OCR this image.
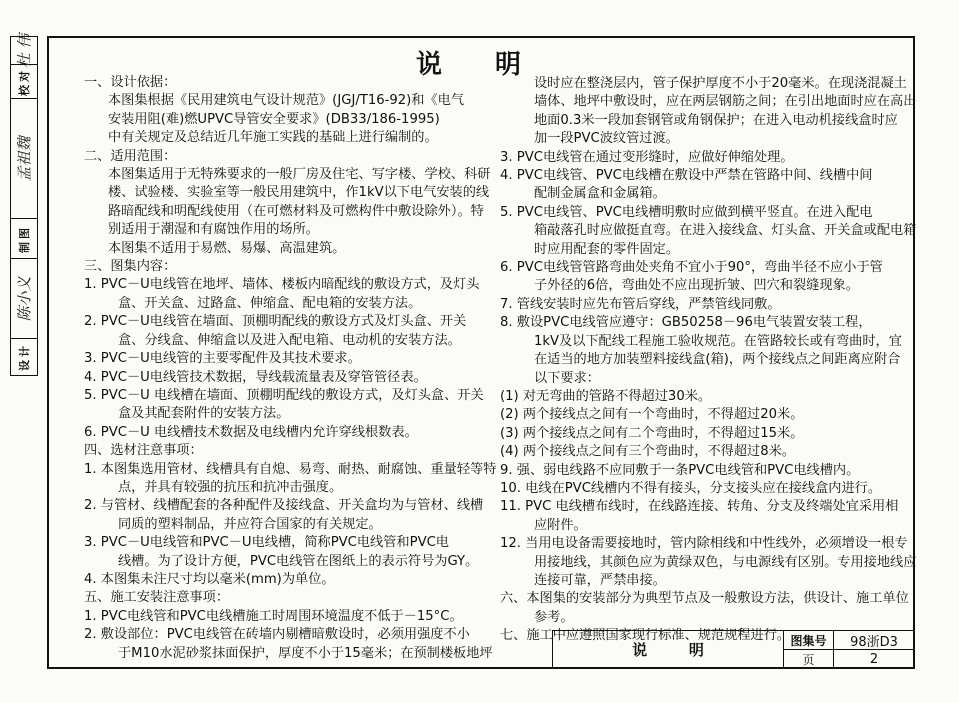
杜 伟
校对
孟祖魏
制图
陈小义
设计
说 明

一、设计依据：

本图集根据《民用建筑电气设计规范》(JGJ/T16-92)和《电气

安装用阻(难)燃UPVC导管安全要求》(DB33/186-1995)

中有关规定及总结近几年施工实践的基础上进行编制的。

二、适用范围：

本图集适用于无特殊要求的一般厂房及住宅、写字楼、学校、科研

楼、试验楼、实验室等一般民用建筑中，作1kV以下电气安装的线

路暗配线和明配线使用（在可燃材料及可燃构件中敷设除外）。特

别适用于潮湿和有腐蚀作用的场所。

本图集不适用于易燃、易爆、高温建筑。

三、图集内容：

1. PVC－U电线管在地坪、墙体、楼板内暗配线的敷设方式，及灯头

盒、开关盒、过路盒、伸缩盒、配电箱的安装方法。

2. PVC－U电线管在墙面、顶棚明配线的敷设方式及灯头盒、开关

盒、分线盒、伸缩盒以及进入配电箱、电动机的安装方法。

3. PVC－U电线管的主要零配件及其技术要求。

4. PVC－U电线管技术数据，导线载流量表及穿管管径表。

5. PVC－U 电线槽在墙面、顶棚明配线的敷设方式，及灯头盒、开关

盒及其配套附件的安装方法。

6. PVC－U 电线槽技术数据及电线槽内允许穿线根数表。

四、选材注意事项：

1. 本图集选用管材、线槽具有自熄、易弯、耐热、耐腐蚀、重量轻等特

点，并具有较强的抗压和抗冲击强度。

2. 与管材、线槽配套的各种配件及接线盒、开关盒均为与管材、线槽

同质的塑料制品，并应符合国家的有关规定。

3. PVC－U电线管和PVC－U电线槽，简称PVC电线管和PVC电

线槽。为了设计方便，PVC电线管在图纸上的表示符号为GY。

4. 本图集未注尺寸均以毫米(mm)为单位。

五、施工安装注意事项：

1. PVC电线管和PVC电线槽施工时周围环境温度不低于－15°C。

2. 敷设部位：PVC电线管在砖墙内剔槽暗敷设时，必须用强度不小

于M10水泥砂浆抹面保护，厚度不小于15毫米；在预制楼板地坪

设时应在整浇层内，管子保护厚度不小于20毫米。在现浇混凝土

墙体、地坪中敷设时，应在两层钢筋之间；在引出地面时应在高出

地面0.3米一段加套钢管或角钢保护；在进入电动机接线盒时应

加一段PVC波纹管过渡。

3. PVC电线管在通过变形缝时，应做好伸缩处理。

4. PVC电线管、PVC电线槽在敷设中严禁在管路中间、线槽中间

配制金属盒和金属箱。

5. PVC电线管、PVC电线槽明敷时应做到横平竖直。在进入配电

箱敲落孔时应做挺直弯。在进入接线盒、灯头盒、开关盒或配电箱

时应用配套的零件固定。

6. PVC电线管管路弯曲处夹角不宜小于90°，弯曲半径不应小于管

子外径的6倍，弯曲处不应出现折皱、凹穴和裂缝现象。

7. 管线安装时应先布管后穿线，严禁管线同敷。

8. 敷设PVC电线管应遵守：GB50258－96电气装置安装工程，

1kV及以下配线工程施工验收规范。在管路较长或有弯曲时，宜

在适当的地方加装塑料接线盒(箱)，两个接线点之间距离应附合

以下要求：

(1) 对无弯曲的管路不得超过30米。

(2) 两个接线点之间有一个弯曲时，不得超过20米。

(3) 两个接线点之间有二个弯曲时，不得超过15米。

(4) 两个接线点之间有三个弯曲时，不得超过8米。

9. 强、弱电线路不应同敷于一条PVC电线管和PVC电线槽内。

10. 电线在PVC线槽内不得有接头，分支接头应在接线盒内进行。

11. PVC 电线槽布线时，在线路连接、转角、分支及终端处宜采用相

应附件。

12. 当用电设备需要接地时，管内除相线和中性线外，必须增设一根专

用接地线，其颜色应为黄绿双色，与电源线有区别。专用接地线应

连接可靠，严禁串接。

六、本图集的安装部分为典型节点及一般敷设方法，供设计、施工单位

参考。

七、施工中应遵照国家现行标准、规范规程进行。

说        明
图集号	98浙D3
页	2
